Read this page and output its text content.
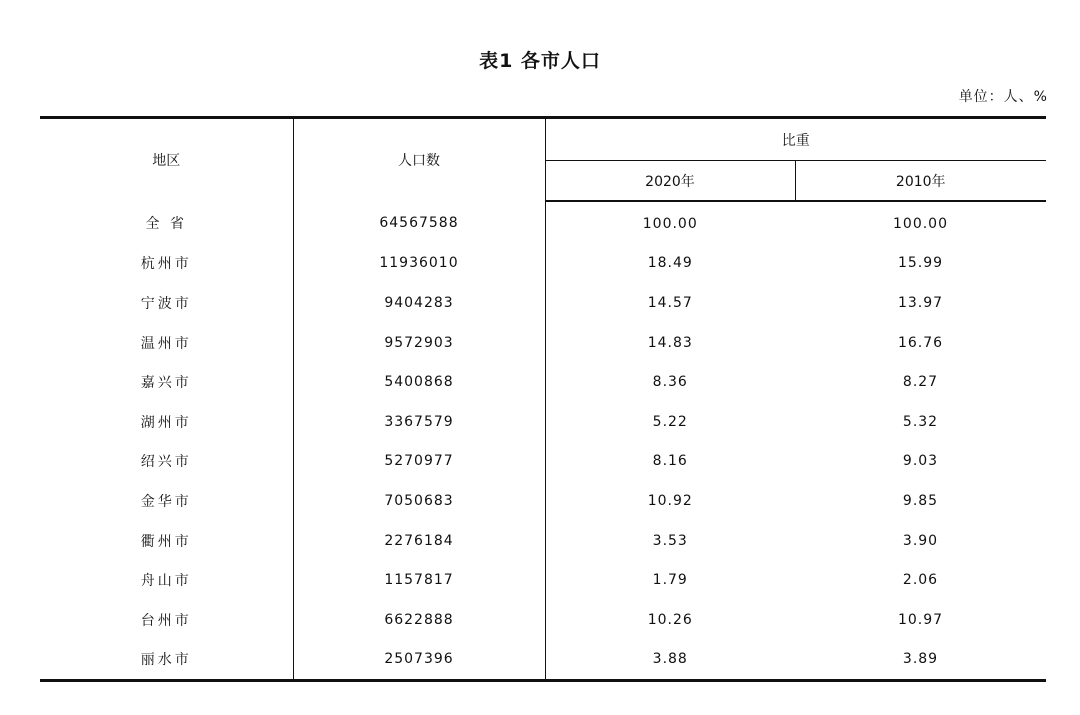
表1 各市人口
单位：人、%
地区	人口数	比重	
		2020年	2010年
全 省	64567588	100.00	100.00
杭州市	11936010	18.49	15.99
宁波市	9404283	14.57	13.97
温州市	9572903	14.83	16.76
嘉兴市	5400868	8.36	8.27
湖州市	3367579	5.22	5.32
绍兴市	5270977	8.16	9.03
金华市	7050683	10.92	9.85
衢州市	2276184	3.53	3.90
舟山市	1157817	1.79	2.06
台州市	6622888	10.26	10.97
丽水市	2507396	3.88	3.89
